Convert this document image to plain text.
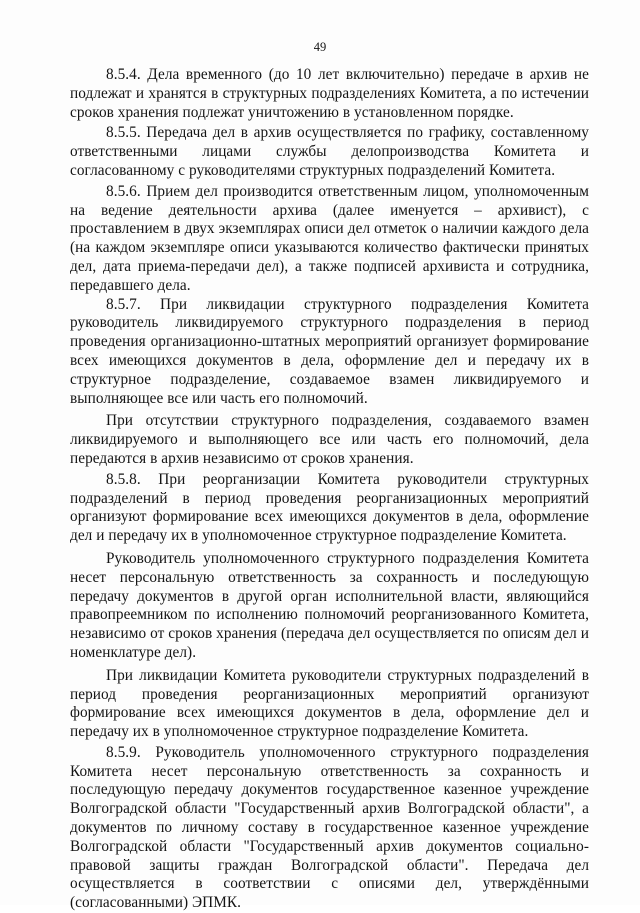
49

8.5.4. Дела временного (до 10 лет включительно) передаче в архив не подлежат и хранятся в структурных подразделениях Комитета, а по истечении сроков хранения подлежат уничтожению в установленном порядке.

8.5.5. Передача дел в архив осуществляется по графику, составленному ответственными лицами службы делопроизводства Комитета и согласованному с руководителями структурных подразделений Комитета.

8.5.6. Прием дел производится ответственным лицом, уполномоченным на ведение деятельности архива (далее именуется – архивист), с проставлением в двух экземплярах описи дел отметок о наличии каждого дела (на каждом экземпляре описи указываются количество фактически принятых дел, дата приема-передачи дел), а также подписей архивиста и сотрудника, передавшего дела.

8.5.7. При ликвидации структурного подразделения Комитета руководитель ликвидируемого структурного подразделения в период проведения организационно-штатных мероприятий организует формирование всех имеющихся документов в дела, оформление дел и передачу их в структурное подразделение, создаваемое взамен ликвидируемого и выполняющее все или часть его полномочий.

При отсутствии структурного подразделения, создаваемого взамен ликвидируемого и выполняющего все или часть его полномочий, дела передаются в архив независимо от сроков хранения.

8.5.8. При реорганизации Комитета руководители структурных подразделений в период проведения реорганизационных мероприятий организуют формирование всех имеющихся документов в дела, оформление дел и передачу их в уполномоченное структурное подразделение Комитета.

Руководитель уполномоченного структурного подразделения Комитета несет персональную ответственность за сохранность и последующую передачу документов в другой орган исполнительной власти, являющийся правопреемником по исполнению полномочий реорганизованного Комитета, независимо от сроков хранения (передача дел осуществляется по описям дел и номенклатуре дел).

При ликвидации Комитета руководители структурных подразделений в период проведения реорганизационных мероприятий организуют формирование всех имеющихся документов в дела, оформление дел и передачу их в уполномоченное структурное подразделение Комитета.

8.5.9. Руководитель уполномоченного структурного подразделения Комитета несет персональную ответственность за сохранность и последующую передачу документов государственное казенное учреждение Волгоградской области "Государственный архив Волгоградской области", а документов по личному составу в государственное казенное учреждение Волгоградской области "Государственный архив документов социально-правовой защиты граждан Волгоградской области". Передача дел осуществляется в соответствии с описями дел, утверждёнными (согласованными) ЭПМК.
